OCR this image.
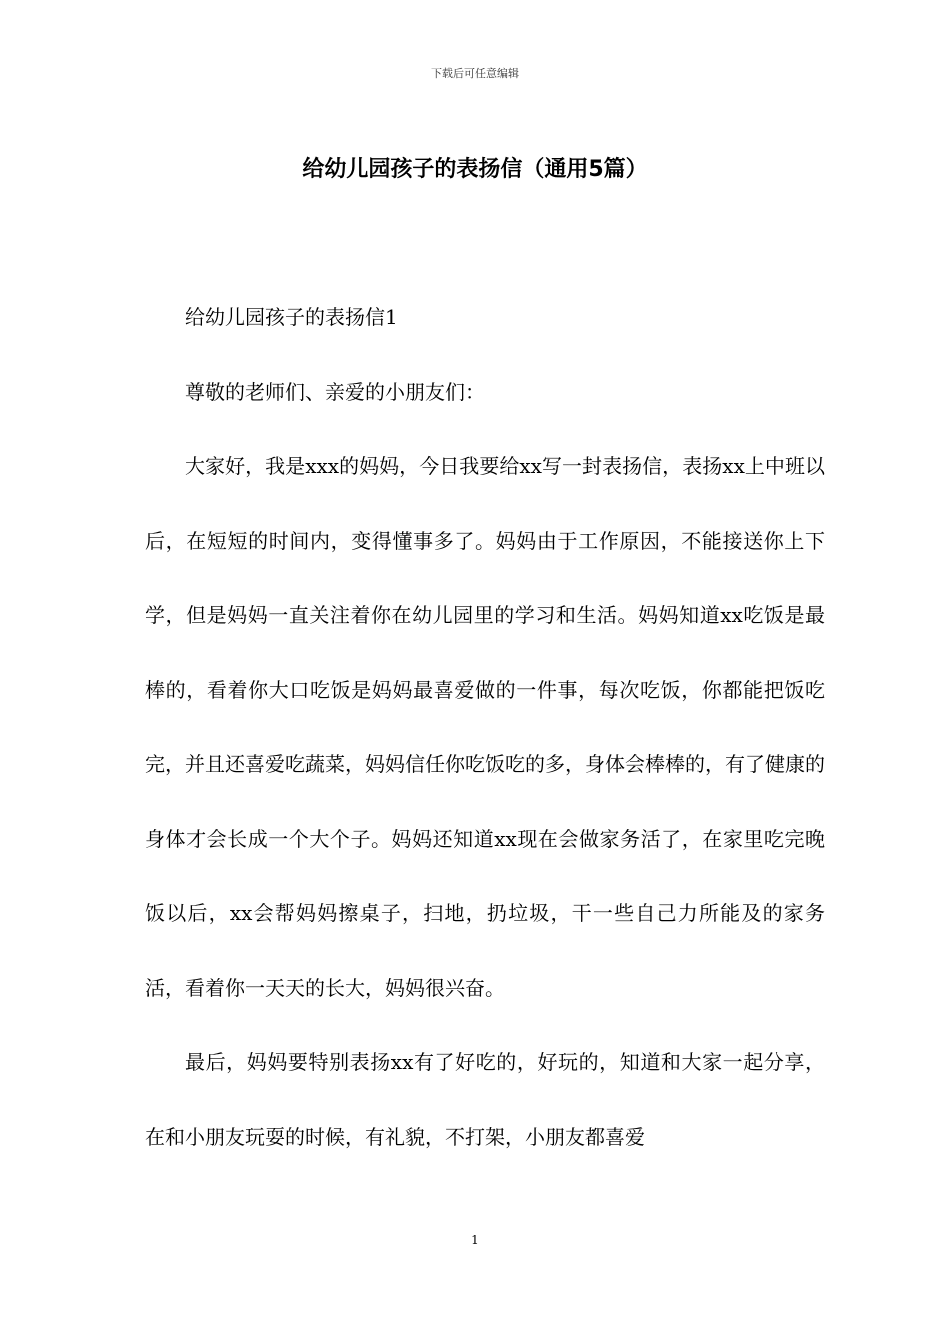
下载后可任意编辑
给幼儿园孩子的表扬信（通用5篇）

给幼儿园孩子的表扬信1

尊敬的老师们、亲爱的小朋友们：

大家好，我是xxx的妈妈，今日我要给xx写一封表扬信，表扬xx上中班以后，在短短的时间内，变得懂事多了。妈妈由于工作原因，不能接送你上下学，但是妈妈一直关注着你在幼儿园里的学习和生活。妈妈知道xx吃饭是最棒的，看着你大口吃饭是妈妈最喜爱做的一件事，每次吃饭，你都能把饭吃完，并且还喜爱吃蔬菜，妈妈信任你吃饭吃的多，身体会棒棒的，有了健康的身体才会长成一个大个子。妈妈还知道xx现在会做家务活了，在家里吃完晚饭以后，xx会帮妈妈擦桌子，扫地，扔垃圾，干一些自己力所能及的家务活，看着你一天天的长大，妈妈很兴奋。

最后，妈妈要特别表扬xx有了好吃的，好玩的，知道和大家一起分享，在和小朋友玩耍的时候，有礼貌，不打架，小朋友都喜爱

1
